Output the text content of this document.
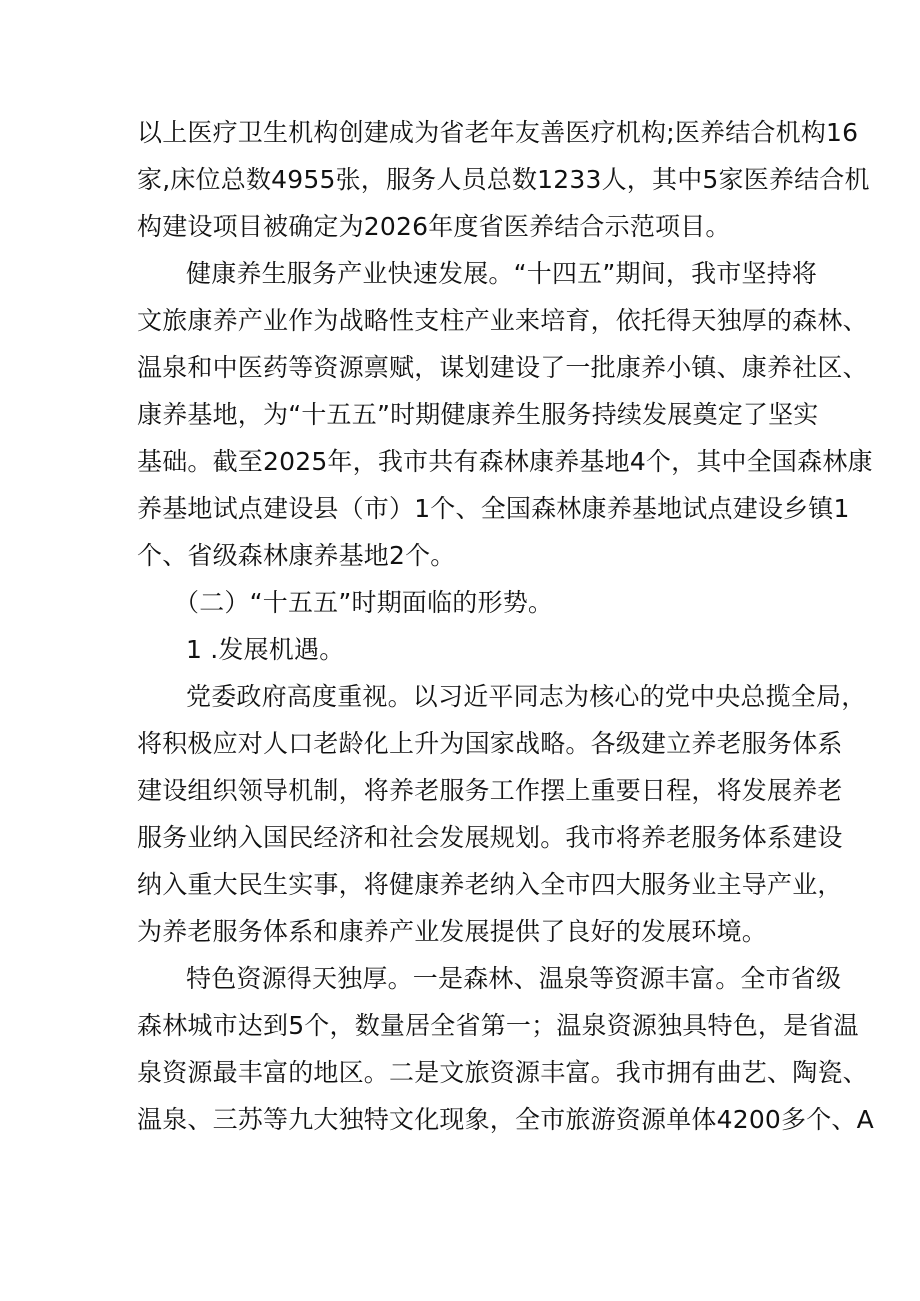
以上医疗卫生机构创建成为省老年友善医疗机构;医养结合机构16
家,床位总数4955张，服务人员总数1233人，其中5家医养结合机
构建设项目被确定为2026年度省医养结合示范项目。
健康养生服务产业快速发展。“十四五”期间，我市坚持将
文旅康养产业作为战略性支柱产业来培育，依托得天独厚的森林、
温泉和中医药等资源禀赋，谋划建设了一批康养小镇、康养社区、
康养基地，为“十五五”时期健康养生服务持续发展奠定了坚实
基础。截至2025年，我市共有森林康养基地4个，其中全国森林康
养基地试点建设县（市）1个、全国森林康养基地试点建设乡镇1
个、省级森林康养基地2个。
（二）“十五五”时期面临的形势。
1 .发展机遇。
党委政府高度重视。以习近平同志为核心的党中央总揽全局，
将积极应对人口老龄化上升为国家战略。各级建立养老服务体系
建设组织领导机制，将养老服务工作摆上重要日程，将发展养老
服务业纳入国民经济和社会发展规划。我市将养老服务体系建设
纳入重大民生实事，将健康养老纳入全市四大服务业主导产业，
为养老服务体系和康养产业发展提供了良好的发展环境。
特色资源得天独厚。一是森林、温泉等资源丰富。全市省级
森林城市达到5个，数量居全省第一；温泉资源独具特色，是省温
泉资源最丰富的地区。二是文旅资源丰富。我市拥有曲艺、陶瓷、
温泉、三苏等九大独特文化现象，全市旅游资源单体4200多个、A
